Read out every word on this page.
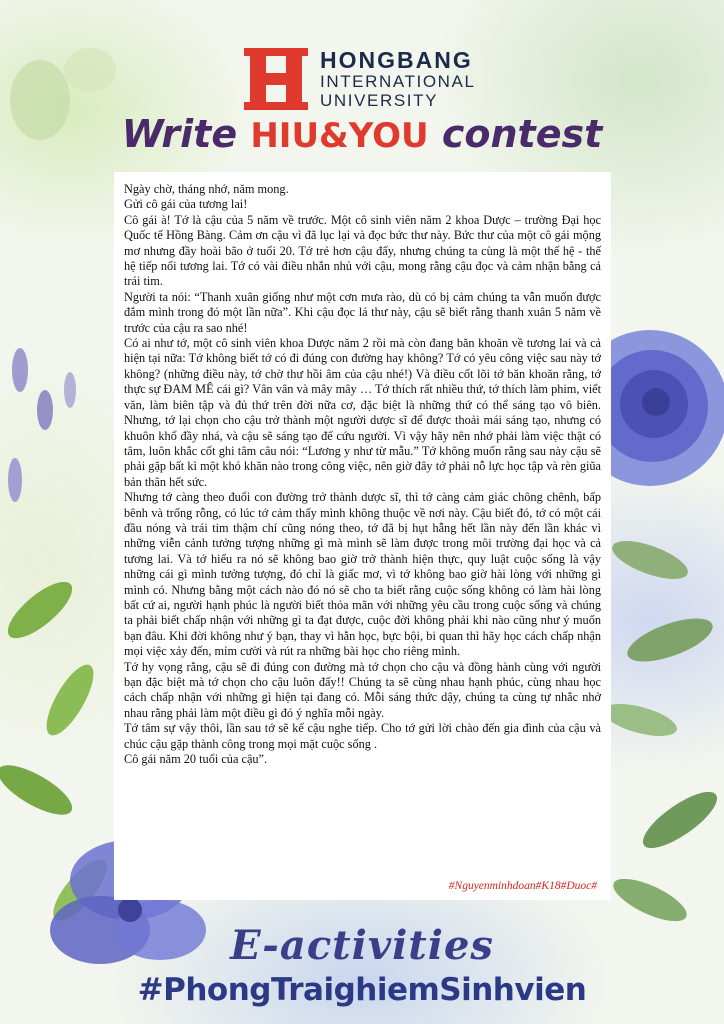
HONGBANG
INTERNATIONAL
UNIVERSITY
Write HIU&YOU contest

Ngày chờ, tháng nhớ, năm mong.

Gửi cô gái của tương lai!

Cô gái à! Tớ là cậu của 5 năm về trước. Một cô sinh viên năm 2 khoa Dược – trường Đại học Quốc tế Hồng Bàng. Cảm ơn cậu vì đã lục lại và đọc bức thư này. Bức thư của một cô gái mộng mơ nhưng đầy hoài bão ở tuổi 20. Tớ trẻ hơn cậu đấy, nhưng chúng ta cùng là một thế hệ - thế hệ tiếp nối tương lai. Tớ có vài điều nhắn nhủ với cậu, mong rằng cậu đọc và cảm nhận bằng cả trái tim.

Người ta nói: “Thanh xuân giống như một cơn mưa rào, dù có bị cảm chúng ta vẫn muốn được đắm mình trong đó một lần nữa”. Khi cậu đọc lá thư này, cậu sẽ biết rằng thanh xuân 5 năm về trước của cậu ra sao nhé!

Có ai như tớ, một cô sinh viên khoa Dược năm 2 rồi mà còn đang băn khoăn về tương lai và cả hiện tại nữa: Tớ không biết tớ có đi đúng con đường hay không? Tớ có yêu công việc sau này tớ không? (những điều này, tớ chờ thư hồi âm của cậu nhé!) Và điều cốt lõi tớ băn khoăn rằng, tớ thực sự ĐAM MÊ cái gì? Vân vân và mây mây … Tớ thích rất nhiều thứ, tớ thích làm phim, viết văn, làm biên tập và đủ thứ trên đời nữa cơ, đặc biệt là những thứ có thể sáng tạo vô biên. Nhưng, tớ lại chọn cho cậu trở thành một người dược sĩ để được thoải mái sáng tạo, nhưng có khuôn khổ đầy nhá, và cậu sẽ sáng tạo để cứu người. Vì vậy hãy nên nhớ phải làm việc thật có tâm, luôn khắc cốt ghi tâm câu nói: “Lương y như từ mẫu.” Tớ không muốn rằng sau này cậu sẽ phải gặp bất kì một khó khăn nào trong công việc, nên giờ đây tớ phải nỗ lực học tập và rèn giũa bản thân hết sức.

Nhưng tớ càng theo đuổi con đường trở thành dược sĩ, thì tớ càng cảm giác chông chênh, bấp bênh và trống rỗng, có lúc tớ cảm thấy mình không thuộc về nơi này. Cậu biết đó, tớ có một cái đầu nóng và trái tim thậm chí cũng nóng theo, tớ đã bị hụt hẫng hết lần này đến lần khác vì những viễn cảnh tưởng tượng những gì mà mình sẽ làm được trong môi trường đại học và cả tương lai. Và tớ hiểu ra nó sẽ không bao giờ trở thành hiện thực, quy luật cuộc sống là vậy những cái gì mình tưởng tượng, đó chỉ là giấc mơ, vì tớ không bao giờ hài lòng với những gì mình có. Nhưng bằng một cách nào đó nó sẽ cho ta biết rằng cuộc sống không có làm hài lòng bất cứ ai, người hạnh phúc là người biết thỏa mãn với những yêu cầu trong cuộc sống và chúng ta phải biết chấp nhận với những gì ta đạt được, cuộc đời không phải khi nào cũng như ý muốn bạn đâu. Khi đời không như ý bạn, thay vì hằn học, bực bội, bi quan thì hãy học cách chấp nhận mọi việc xảy đến, mỉm cười và rút ra những bài học cho riêng mình.

Tớ hy vọng rằng, cậu sẽ đi đúng con đường mà tớ chọn cho cậu và đồng hành cùng với người bạn đặc biệt mà tớ chọn cho cậu luôn đấy!! Chúng ta sẽ cùng nhau hạnh phúc, cùng nhau học cách chấp nhận với những gì hiện tại đang có. Mỗi sáng thức dậy, chúng ta cùng tự nhắc nhở nhau rằng phải làm một điều gì đó ý nghĩa mỗi ngày.

Tớ tâm sự vậy thôi, lần sau tớ sẽ kể cậu nghe tiếp. Cho tớ gửi lời chào đến gia đình của cậu và chúc cậu gặp thành công trong mọi mặt cuộc sống .

Cô gái năm 20 tuổi của cậu”.

#Nguyenminhdoan#K18#Duoc#
E-activities
#PhongTraighiemSinhvien
